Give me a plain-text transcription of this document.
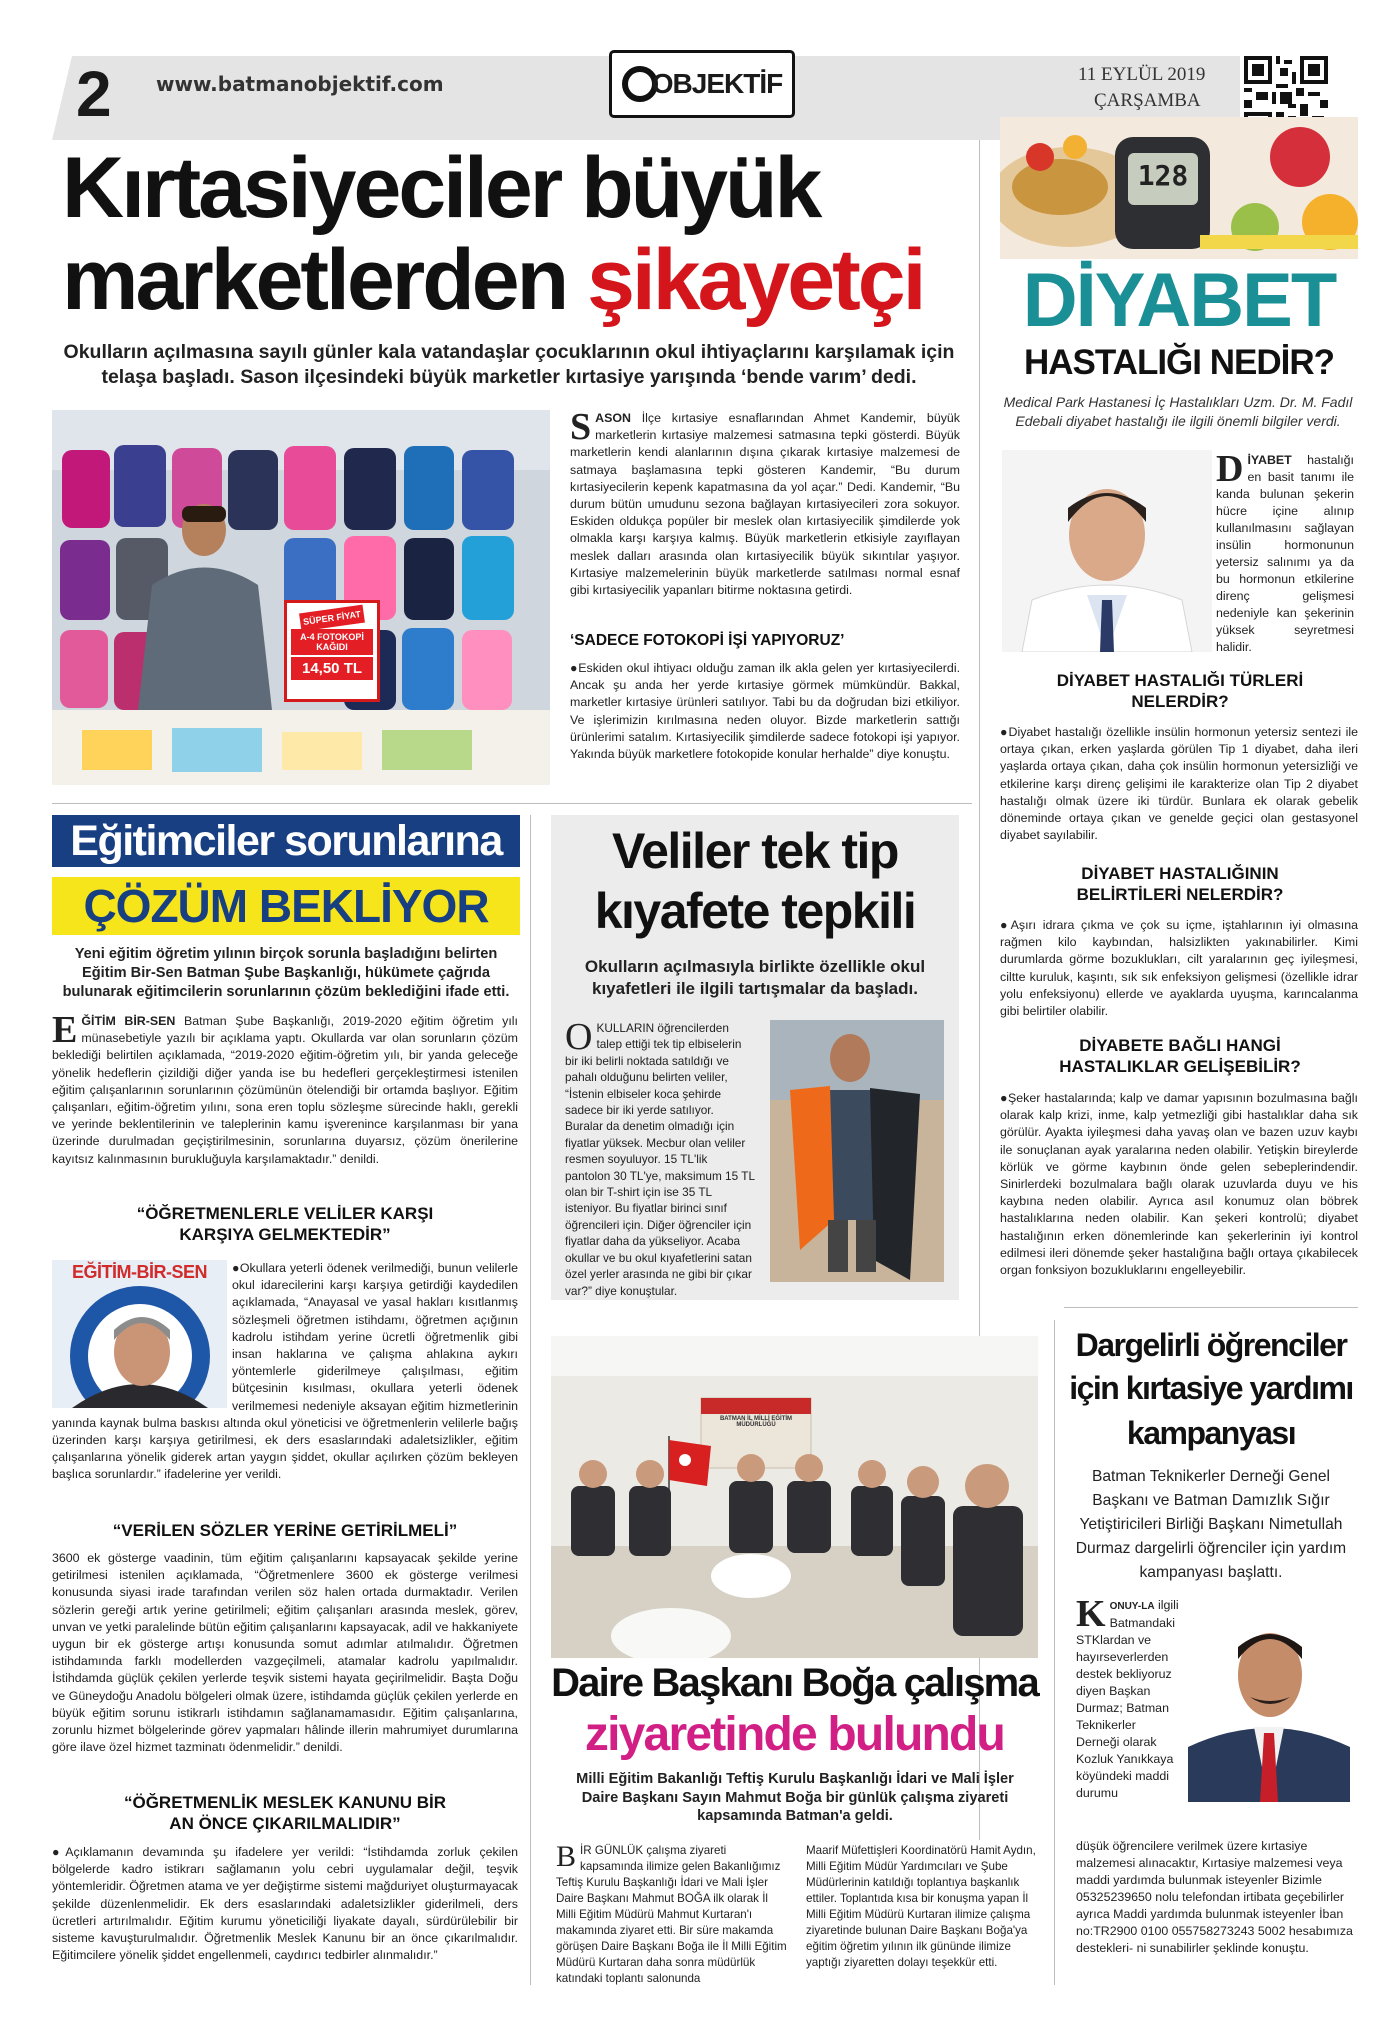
2 www.batmanobjektif.com	OBJEKTİF	11 EYLÜL 2019
ÇARŞAMBA
Kırtasiyeciler büyük
marketlerden şikayetçi
Okulların açılmasına sayılı günler kala vatandaşlar çocuklarının okul ihtiyaçlarını karşılamak için telaşa başladı. Sason ilçesindeki büyük marketler kırtasiye yarışında ‘bende varım’ dedi.
SÜPER FİYAT
A-4 FOTOKOPİ KAĞIDI
14,50 TL
SASON İlçe kırtasiye esnaflarından Ahmet Kandemir, büyük marketlerin kırtasiye malzemesi satmasına tepki gösterdi. Büyük marketlerin kendi alanlarının dışına çıkarak kırtasiye malzemesi de satmaya başlamasına tepki gösteren Kandemir, “Bu durum kırtasiyecilerin kepenk kapatmasına da yol açar.” Dedi. Kandemir, “Bu durum bütün umudunu sezona bağlayan kırtasiyecileri zora sokuyor. Eskiden oldukça popüler bir meslek olan kırtasiyecilik şimdilerde yok olmakla karşı karşıya kalmış. Büyük marketlerin etkisiyle zayıflayan meslek dalları arasında olan kırtasiyecilik büyük sıkıntılar yaşıyor. Kırtasiye malzemelerinin büyük marketlerde satılması normal esnaf gibi kırtasiyecilik yapanları bitirme noktasına getirdi.
‘SADECE FOTOKOPİ İŞİ YAPIYORUZ’
● Eskiden okul ihtiyacı olduğu zaman ilk akla gelen yer kırtasiyecilerdi. Ancak şu anda her yerde kırtasiye görmek mümkündür. Bakkal, marketler kırtasiye ürünleri satılıyor. Tabi bu da doğrudan bizi etkiliyor. Ve işlerimizin kırılmasına neden oluyor. Bizde marketlerin sattığı ürünlerimi satalım. Kırtasiyecilik şimdilerde sadece fotokopi işi yapıyor. Yakında büyük marketlere fotokopide konular herhalde” diye konuştu.
128
DİYABET
HASTALIĞI NEDİR?
Medical Park Hastanesi İç Hastalıkları Uzm. Dr. M. Fadıl Edebali diyabet hastalığı ile ilgili önemli bilgiler verdi.
DİYABET hastalığı en basit tanımı ile kanda bulunan şekerin hücre içine alınıp kullanılmasını sağlayan insülin hormonunun yetersiz salınımı ya da bu hormonun etkilerine direnç gelişmesi nedeniyle kan şekerinin yüksek seyretmesi halidir.
DİYABET HASTALIĞI TÜRLERİ NELERDİR?
● Diyabet hastalığı özellikle insülin hormonun yetersiz sentezi ile ortaya çıkan, erken yaşlarda görülen Tip 1 diyabet, daha ileri yaşlarda ortaya çıkan, daha çok insülin hormonun yetersizliği ve etkilerine karşı direnç gelişimi ile karakterize olan Tip 2 diyabet hastalığı olmak üzere iki türdür. Bunlara ek olarak gebelik döneminde ortaya çıkan ve genelde geçici olan gestasyonel diyabet sayılabilir.
DİYABET HASTALIĞININ BELİRTİLERİ NELERDİR?
● Aşırı idrara çıkma ve çok su içme, iştahlarının iyi olmasına rağmen kilo kaybından, halsizlikten yakınabilirler. Kimi durumlarda görme bozuklukları, cilt yaralarının geç iyileşmesi, ciltte kuruluk, kaşıntı, sık sık enfeksiyon gelişmesi (özellikle idrar yolu enfeksiyonu) ellerde ve ayaklarda uyuşma, karıncalanma gibi belirtiler olabilir.
DİYABETE BAĞLI HANGİ HASTALIKLAR GELİŞEBİLİR?
● Şeker hastalarında; kalp ve damar yapısının bozulmasına bağlı olarak kalp krizi, inme, kalp yetmezliği gibi hastalıklar daha sık görülür. Ayakta iyileşmesi daha yavaş olan ve bazen uzuv kaybı ile sonuçlanan ayak yaralarına neden olabilir. Yetişkin bireylerde körlük ve görme kaybının önde gelen sebeplerindendir. Sinirlerdeki bozulmalara bağlı olarak uzuvlarda duyu ve his kaybına neden olabilir. Ayrıca asıl konumuz olan böbrek hastalıklarına neden olabilir. Kan şekeri kontrolü; diyabet hastalığının erken dönemlerinde kan şekerlerinin iyi kontrol edilmesi ileri dönemde şeker hastalığına bağlı ortaya çıkabilecek organ fonksiyon bozukluklarını engelleyebilir.
Eğitimciler sorunlarına
ÇÖZÜM BEKLİYOR
Yeni eğitim öğretim yılının birçok sorunla başladığını belirten Eğitim Bir-Sen Batman Şube Başkanlığı, hükümete çağrıda bulunarak eğitimcilerin sorunlarının çözüm beklediğini ifade etti.
EĞİTİM BİR-SEN Batman Şube Başkanlığı, 2019-2020 eğitim öğretim yılı münasebetiyle yazılı bir açıklama yaptı. Okullarda var olan sorunların çözüm beklediği belirtilen açıklamada, “2019-2020 eğitim-öğretim yılı, bir yanda geleceğe yönelik hedeflerin çizildiği diğer yanda ise bu hedefleri gerçekleştirmesi istenilen eğitim çalışanlarının sorunlarının çözümünün ötelendiği bir ortamda başlıyor. Eğitim çalışanları, eğitim-öğretim yılını, sona eren toplu sözleşme sürecinde haklı, gerekli ve yerinde beklentilerinin ve taleplerinin kamu işverenince karşılanması bir yana üzerinde durulmadan geçiştirilmesinin, sorunlarına duyarsız, çözüm önerilerine kayıtsız kalınmasının burukluğuyla karşılamaktadır.” denildi.
“ÖĞRETMENLERLE VELİLER KARŞI KARŞIYA GELMEKTEDİR”
EĞİTİM-BİR-SEN
●	Okullara yeterli ödenek verilmediği, bunun velilerle okul idarecilerini karşı karşıya getirdiği kaydedilen açıklamada, “Anayasal ve yasal hakları kısıtlanmış sözleşmeli öğretmen istihdamı, öğretmen açığının kadrolu istihdam yerine ücretli öğretmenlik gibi insan haklarına ve çalışma ahlakına aykırı yöntemlerle giderilmeye çalışılması, eğitim bütçesinin kısılması, okullara yeterli ödenek verilmemesi nedeniyle aksayan eğitim hizmetlerinin yanında kaynak bulma baskısı altında okul yöneticisi ve öğretmenlerin velilerle bağış üzerinden karşı karşıya getirilmesi, ek ders esaslarındaki adaletsizlikler, eğitim çalışanlarına yönelik giderek artan yaygın şiddet, okullar açılırken çözüm bekleyen başlıca sorunlardır.” ifadelerine yer verildi.
“VERİLEN SÖZLER YERİNE GETİRİLMELİ”
3600 ek gösterge vaadinin, tüm eğitim çalışanlarını kapsayacak şekilde yerine getirilmesi istenilen açıklamada, “Öğretmenlere 3600 ek gösterge verilmesi konusunda siyasi irade tarafından verilen söz halen ortada durmaktadır. Verilen sözlerin gereği artık yerine getirilmeli; eğitim çalışanları arasında meslek, görev, unvan ve yetki paralelinde bütün eğitim çalışanlarını kapsayacak, adil ve hakkaniyete uygun bir ek gösterge artışı konusunda somut adımlar atılmalıdır. Öğretmen istihdamında farklı modellerden vazgeçilmeli, atamalar kadrolu yapılmalıdır. İstihdamda güçlük çekilen yerlerde teşvik sistemi hayata geçirilmelidir. Başta Doğu ve Güneydoğu Anadolu bölgeleri olmak üzere, istihdamda güçlük çekilen yerlerde en büyük eğitim sorunu istikrarlı istihdamın sağlanamamasıdır. Eğitim çalışanlarına, zorunlu hizmet bölgelerinde görev yapmaları hâlinde illerin mahrumiyet durumlarına göre ilave özel hizmet tazminatı ödenmelidir.” denildi.
“ÖĞRETMENLİK MESLEK KANUNU BİR AN ÖNCE ÇIKARILMALIDIR”
● Açıklamanın devamında şu ifadelere yer verildi: “İstihdamda zorluk çekilen bölgelerde kadro istikrarı sağlamanın yolu cebri uygulamalar değil, teşvik yöntemleridir. Öğretmen atama ve yer değiştirme sistemi mağduriyet oluşturmayacak şekilde düzenlenmelidir. Ek ders esaslarındaki adaletsizlikler giderilmeli, ders ücretleri artırılmalıdır. Eğitim kurumu yöneticiliği liyakate dayalı, sürdürülebilir bir sisteme kavuşturulmalıdır. Öğretmenlik Meslek Kanunu bir an önce çıkarılmalıdır. Eğitimcilere yönelik şiddet engellenmeli, caydırıcı tedbirler alınmalıdır.”
Veliler tek tip
kıyafete tepkili
Okulların açılmasıyla birlikte özellikle okul kıyafetleri ile ilgili tartışmalar da başladı.
OKULLARIN öğrencilerden talep ettiği tek tip elbiselerin bir iki belirli noktada satıldığı ve pahalı olduğunu belirten veliler, “İstenin elbiseler koca şehirde sadece bir iki yerde satılıyor. Buralar da denetim olmadığı için fiyatlar yüksek. Mecbur olan veliler resmen soyuluyor. 15 TL'lik pantolon 30 TL'ye, maksimum 15 TL olan bir T-shirt için ise 35 TL isteniyor. Bu fiyatlar birinci sınıf öğrencileri için. Diğer öğrenciler için fiyatlar daha da yükseliyor. Acaba okullar ve bu okul kıyafetlerini satan özel yerler arasında ne gibi bir çıkar var?” diye konuştular.
BATMAN İL MİLLİ EĞİTİM MÜDÜRLÜĞÜ
Daire Başkanı Boğa çalışma
ziyaretinde bulundu
Milli Eğitim Bakanlığı Teftiş Kurulu Başkanlığı İdari ve Mali İşler Daire Başkanı Sayın Mahmut Boğa bir günlük çalışma ziyareti kapsamında Batman'a geldi.
BİR GÜNLÜK çalışma ziyareti kapsamında ilimize gelen Bakanlığımız Teftiş Kurulu Başkanlığı İdari ve Mali İşler Daire Başkanı Mahmut BOĞA ilk olarak İl Milli Eğitim Müdürü Mahmut Kurtaran'ı makamında ziyaret etti. Bir süre makamda görüşen Daire Başkanı Boğa ile İl Milli Eğitim Müdürü Kurtaran daha sonra müdürlük katındaki toplantı salonunda
Maarif Müfettişleri Koordinatörü Hamit Aydın, Milli Eğitim Müdür Yardımcıları ve Şube Müdürlerinin katıldığı toplantıya başkanlık ettiler. Toplantıda kısa bir konuşma yapan İl Milli Eğitim Müdürü Kurtaran ilimize çalışma ziyaretinde bulunan Daire Başkanı Boğa'ya eğitim öğretim yılının ilk gününde ilimize yaptığı ziyaretten dolayı teşekkür etti.
Dargelirli öğrenciler
için kırtasiye yardımı
kampanyası
Batman Teknikerler Derneği Genel Başkanı ve Batman Damızlık Sığır Yetiştiricileri Birliği Başkanı Nimetullah Durmaz dargelirli öğrenciler için yardım kampanyası başlattı.
KONUY-LA ilgili Batmandaki STKlardan ve hayırseverlerden destek bekliyoruz diyen Başkan Durmaz; Batman Teknikerler Derneği olarak Kozluk Yanıkkaya köyündeki maddi durumu
düşük öğrencilere verilmek üzere kırtasiye malzemesi alınacaktır, Kırtasiye malzemesi veya maddi yardımda bulunmak isteyenler Bizimle 05325239650 nolu telefondan irtibata geçebilirler ayrıca Maddi yardımda bulunmak isteyenler İban no:TR2900 0100 055758273243 5002 hesabımıza destekleri- ni sunabilirler şeklinde konuştu.
